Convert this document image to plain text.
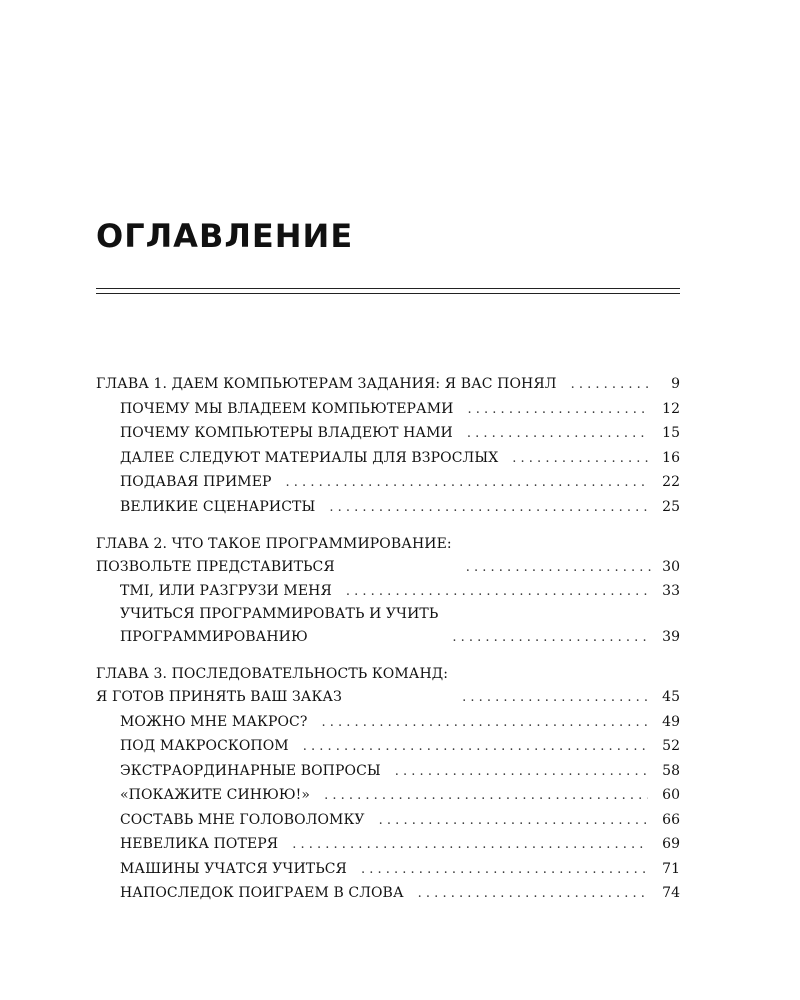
ОГЛАВЛЕНИЕ
ГЛАВА 1. ДАЕМ КОМПЬЮТЕРАМ ЗАДАНИЯ: Я ВАС ПОНЯЛ . . .	9
ПОЧЕМУ МЫ ВЛАДЕЕМ КОМПЬЮТЕРАМИ . . .	12
ПОЧЕМУ КОМПЬЮТЕРЫ ВЛАДЕЮТ НАМИ . . .	15
ДАЛЕЕ СЛЕДУЮТ МАТЕРИАЛЫ ДЛЯ ВЗРОСЛЫХ . . .	16
ПОДАВАЯ ПРИМЕР . . .	22
ВЕЛИКИЕ СЦЕНАРИСТЫ . . .	25
ГЛАВА 2. ЧТО ТАКОЕ ПРОГРАММИРОВАНИЕ:
ПОЗВОЛЬТЕ ПРЕДСТАВИТЬСЯ . . .	30
TMI, ИЛИ РАЗГРУЗИ МЕНЯ . . .	33
УЧИТЬСЯ ПРОГРАММИРОВАТЬ И УЧИТЬ
ПРОГРАММИРОВАНИЮ . . .	39
ГЛАВА 3. ПОСЛЕДОВАТЕЛЬНОСТЬ КОМАНД:
Я ГОТОВ ПРИНЯТЬ ВАШ ЗАКАЗ . . .	45
МОЖНО МНЕ МАКРОС? . . .	49
ПОД МАКРОСКОПОМ . . .	52
ЭКСТРАОРДИНАРНЫЕ ВОПРОСЫ . . .	58
«ПОКАЖИТЕ СИНЮЮ!» . . .	60
СОСТАВЬ МНЕ ГОЛОВОЛОМКУ . . .	66
НЕВЕЛИКА ПОТЕРЯ . . .	69
МАШИНЫ УЧАТСЯ УЧИТЬСЯ . . .	71
НАПОСЛЕДОК ПОИГРАЕМ В СЛОВА . . .	74
